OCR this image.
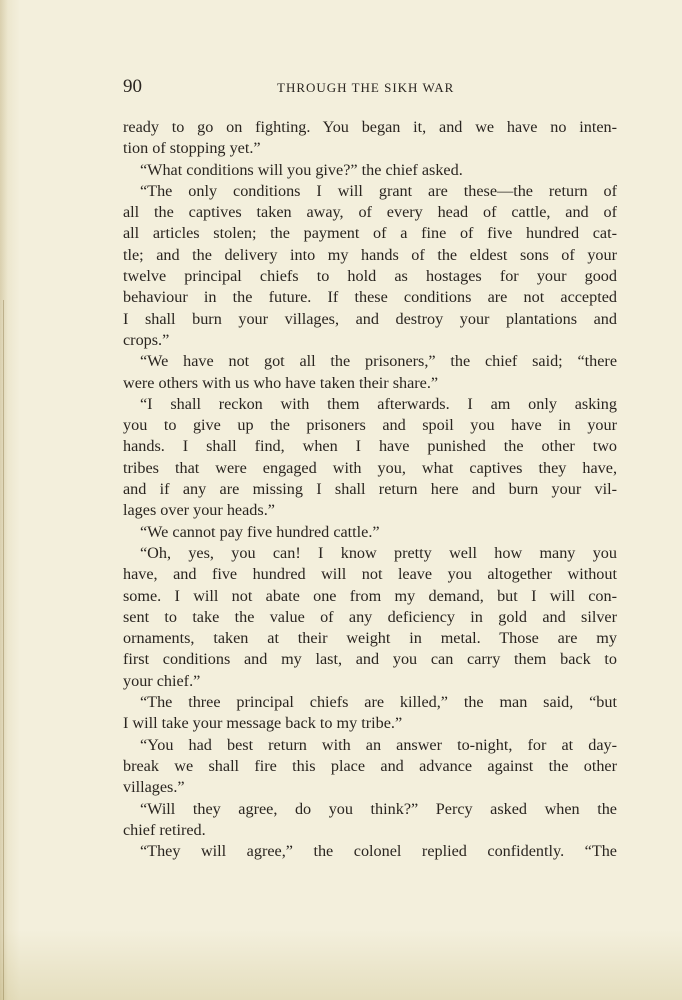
90	THROUGH THE SIKH WAR
ready to go on fighting. You began it, and we have no inten-
tion of stopping yet.”
“What conditions will you give?” the chief asked.
“The only conditions I will grant are these—the return of
all the captives taken away, of every head of cattle, and of
all articles stolen; the payment of a fine of five hundred cat-
tle; and the delivery into my hands of the eldest sons of your
twelve principal chiefs to hold as hostages for your good
behaviour in the future. If these conditions are not accepted
I shall burn your villages, and destroy your plantations and
crops.”
“We have not got all the prisoners,” the chief said; “there
were others with us who have taken their share.”
“I shall reckon with them afterwards. I am only asking
you to give up the prisoners and spoil you have in your
hands. I shall find, when I have punished the other two
tribes that were engaged with you, what captives they have,
and if any are missing I shall return here and burn your vil-
lages over your heads.”
“We cannot pay five hundred cattle.”
“Oh, yes, you can! I know pretty well how many you
have, and five hundred will not leave you altogether without
some. I will not abate one from my demand, but I will con-
sent to take the value of any deficiency in gold and silver
ornaments, taken at their weight in metal. Those are my
first conditions and my last, and you can carry them back to
your chief.”
“The three principal chiefs are killed,” the man said, “but
I will take your message back to my tribe.”
“You had best return with an answer to-night, for at day-
break we shall fire this place and advance against the other
villages.”
“Will they agree, do you think?” Percy asked when the
chief retired.
“They will agree,” the colonel replied confidently. “The
